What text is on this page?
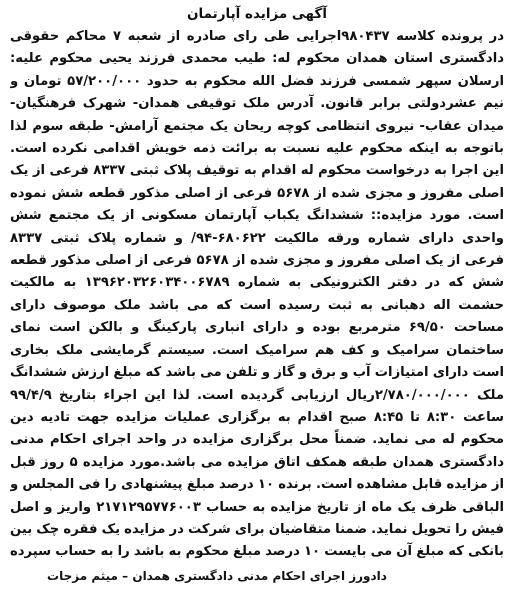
آگهی مزایده آپارتمان

در پرونده کلاسه ۹۸۰۴۳۷اجرایی طی رای صادره از شعبه ۷ محاکم حقوقی دادگستری استان همدان محکوم له: طیب محمدی فرزند یحیی محکوم علیه: ارسلان سپهر شمسی فرزند فضل الله محکوم به حدود ۵۷/۲۰۰/۰۰۰ تومان و نیم عشردولتی برابر قانون. آدرس ملک توقیفی همدان- شهرک فرهنگیان- میدان عقاب- نیروی انتظامی کوچه ریحان یک مجتمع آرامش- طبقه سوم لذا باتوجه به اینکه محکوم علیه نسبت به برائت ذمه خویش اقدامی نکرده است. این اجرا به درخواست محکوم له اقدام به توقیف پلاک ثبتی ۸۳۳۷ فرعی از یک اصلی مفروز و مجزی شده از ۵۶۷۸ فرعی از اصلی مذکور قطعه شش نموده است. مورد مزایده:: ششدانگ یکباب آپارتمان مسکونی از یک مجتمع شش واحدی دارای شماره ورقه مالکیت ۶۸۰۶۲۲-۹۴/ و شماره پلاک ثبتی ۸۳۳۷ فرعی از یک اصلی مفروز و مجزی شده از ۵۶۷۸ فرعی از اصلی مذکور قطعه شش که در دفتر الکترونیکی به شماره ۱۳۹۶۲۰۳۲۶۰۳۴۰۰۶۷۸۹ به مالکیت حشمت اله دهبانی به ثبت رسیده است که می باشد ملک موصوف دارای مساحت ۶۹/۵۰ مترمربع بوده و دارای انباری پارکینگ و بالکن است نمای ساختمان سرامیک و کف هم سرامیک است. سیستم گرمایشی ملک بخاری است دارای امتیازات آب و برق و گاز و تلفن می باشد که مبلغ ارزش ششدانگ ملک ۲/۷۸۰/۰۰۰/۰۰۰ریال ارزیابی گردیده است. لذا این اجراء بتاریخ ۹۹/۴/۹ ساعت ۸:۳۰ تا ۸:۴۵ صبح اقدام به برگزاری عملیات مزایده جهت تادیه دین محکوم له می نماید. ضمناً محل برگزاری مزایده در واحد اجرای احکام مدنی دادگستری همدان طبقه همکف اتاق مزایده می باشد.مورد مزایده ۵ روز قبل از مزایده قابل مشاهده است. برنده ۱۰ درصد مبلغ پیشنهادی را فی المجلس و الباقی ظرف یک ماه از تاریخ مزایده به حساب ۲۱۷۱۲۹۵۷۷۶۰۰۳ واریز و اصل فیش را تحویل نماید. ضمنا متقاضیان برای شرکت در مزایده یک فقره چک بین بانکی که مبلغ آن می بایست ۱۰ درصد مبلغ محکوم به باشد را به حساب سپرده

دادورز اجرای احکام مدنی دادگستری همدان – میثم مزجات
